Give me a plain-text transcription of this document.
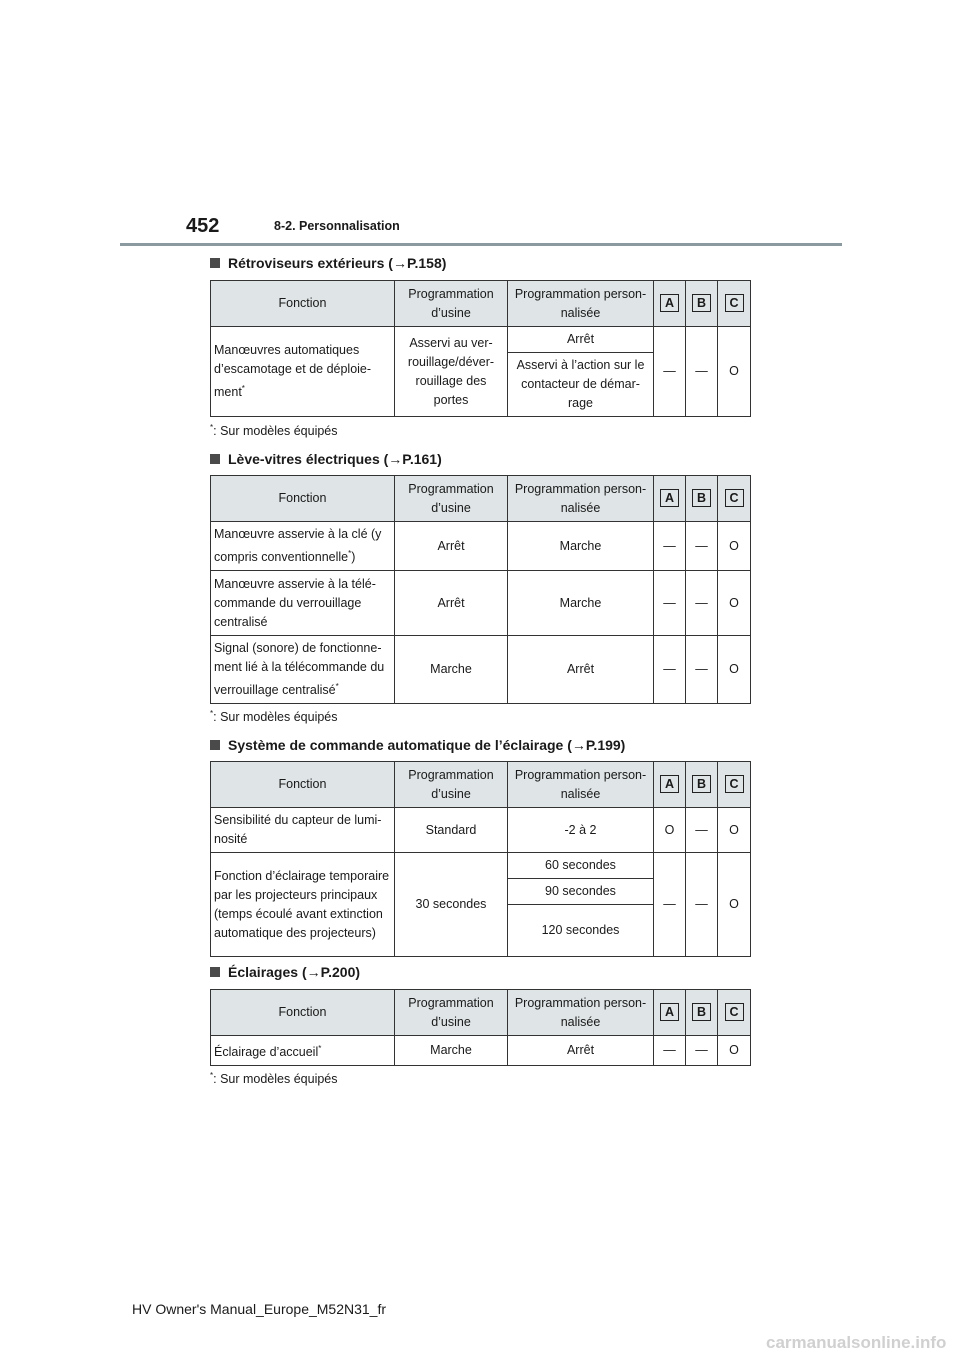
452	8-2. Personnalisation
Rétroviseurs extérieurs (→P.158)
Fonction	Programmation d’usine	Programmation personnalisée	A	B	C
Manœuvres automatiques d’escamotage et de déploiement*	Asservi au verrouillage/déverrouillage des portes	Arrêt	—	—	O
		Asservi à l’action sur le contacteur de démarrage			
*: Sur modèles équipés
Lève-vitres électriques (→P.161)
Fonction	Programmation d’usine	Programmation personnalisée	A	B	C
Manœuvre asservie à la clé (y compris conventionnelle*)	Arrêt	Marche	—	—	O
Manœuvre asservie à la télécommande du verrouillage centralisé	Arrêt	Marche	—	—	O
Signal (sonore) de fonctionnement lié à la télécommande du verrouillage centralisé*	Marche	Arrêt	—	—	O
*: Sur modèles équipés
Système de commande automatique de l’éclairage (→P.199)
Fonction	Programmation d’usine	Programmation personnalisée	A	B	C
Sensibilité du capteur de luminosité	Standard	-2 à 2	O	—	O
Fonction d’éclairage temporaire par les projecteurs principaux (temps écoulé avant extinction automatique des projecteurs)	30 secondes	60 secondes	—	—	O
		90 secondes			
		120 secondes			
Éclairages (→P.200)
Fonction	Programmation d’usine	Programmation personnalisée	A	B	C
Éclairage d’accueil*	Marche	Arrêt	—	—	O
*: Sur modèles équipés
HV Owner's Manual_Europe_M52N31_fr
carmanualsonline.info
